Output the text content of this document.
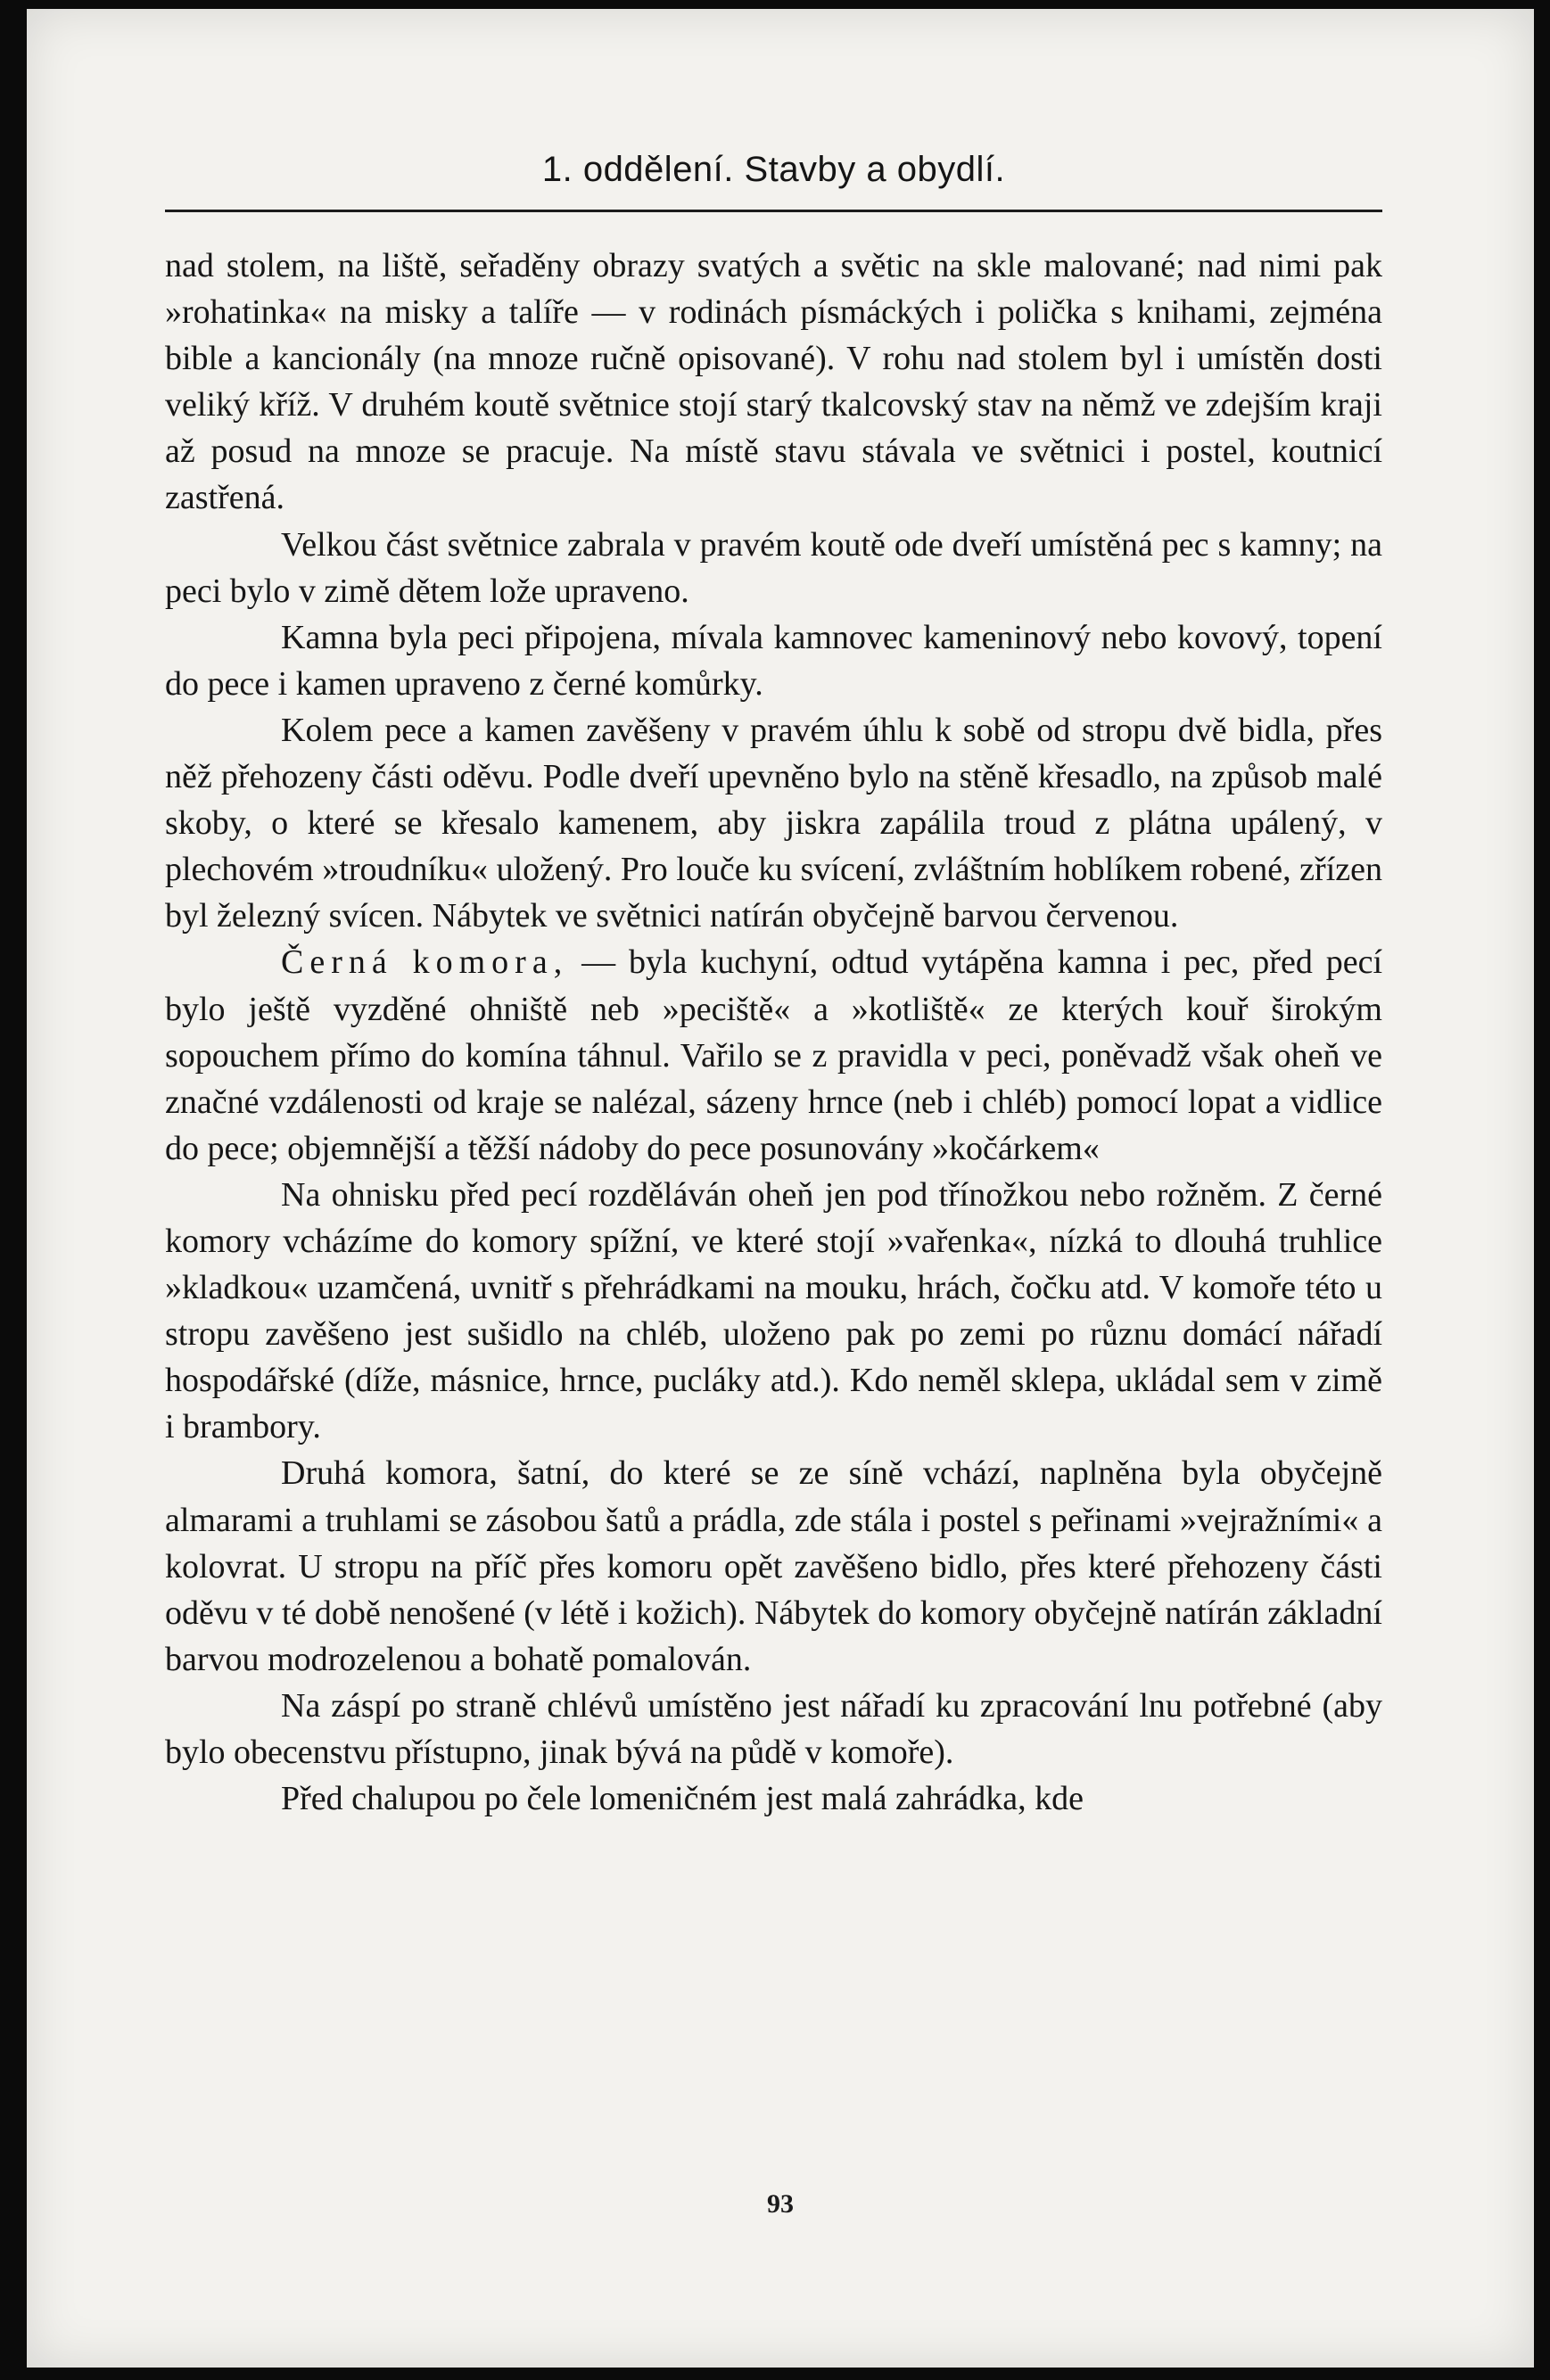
1. oddělení. Stavby a obydlí.

nad stolem, na liště, seřaděny obrazy svatých a světic na skle malované; nad nimi pak »rohatinka« na misky a talíře — v rodinách písmáckých i polička s knihami, zejména bible a kancionály (na mnoze ručně opisované). V rohu nad stolem byl i umístěn dosti veliký kříž. V druhém koutě světnice stojí starý tkalcovský stav na němž ve zdejším kraji až posud na mnoze se pracuje. Na místě stavu stávala ve světnici i postel, koutnicí zastřená.

Velkou část světnice zabrala v pravém koutě ode dveří umístěná pec s kamny; na peci bylo v zimě dětem lože upraveno.

Kamna byla peci připojena, mívala kamnovec kameninový nebo kovový, topení do pece i kamen upraveno z černé komůrky.

Kolem pece a kamen zavěšeny v pravém úhlu k sobě od stropu dvě bidla, přes něž přehozeny části oděvu. Podle dveří upevněno bylo na stěně křesadlo, na způsob malé skoby, o které se křesalo kamenem, aby jiskra zapálila troud z plátna upálený, v plechovém »troudníku« uložený. Pro louče ku svícení, zvláštním hoblíkem robené, zřízen byl železný svícen. Nábytek ve světnici natírán obyčejně barvou červenou.

Černá komora, — byla kuchyní, odtud vytápěna kamna i pec, před pecí bylo ještě vyzděné ohniště neb »peciště« a »kotliště« ze kterých kouř širokým sopouchem přímo do komína táhnul. Vařilo se z pravidla v peci, poněvadž však oheň ve značné vzdálenosti od kraje se nalézal, sázeny hrnce (neb i chléb) pomocí lopat a vidlice do pece; objemnější a těžší nádoby do pece posunovány »kočárkem«

Na ohnisku před pecí rozděláván oheň jen pod třínožkou nebo rožněm. Z černé komory vcházíme do komory spížní, ve které stojí »vařenka«, nízká to dlouhá truhlice »kladkou« uzamčená, uvnitř s přehrádkami na mouku, hrách, čočku atd. V komoře této u stropu zavěšeno jest sušidlo na chléb, uloženo pak po zemi po různu domácí nářadí hospodářské (díže, másnice, hrnce, pucláky atd.). Kdo neměl sklepa, ukládal sem v zimě i brambory.

Druhá komora, šatní, do které se ze síně vchází, naplněna byla obyčejně almarami a truhlami se zásobou šatů a prádla, zde stála i postel s peřinami »vejražními« a kolovrat. U stropu na příč přes komoru opět zavěšeno bidlo, přes které přehozeny části oděvu v té době nenošené (v létě i kožich). Nábytek do komory obyčejně natírán základní barvou modrozelenou a bohatě pomalován.

Na záspí po straně chlévů umístěno jest nářadí ku zpracování lnu potřebné (aby bylo obecenstvu přístupno, jinak bývá na půdě v komoře).

Před chalupou po čele lomeničném jest malá zahrádka, kde

93
